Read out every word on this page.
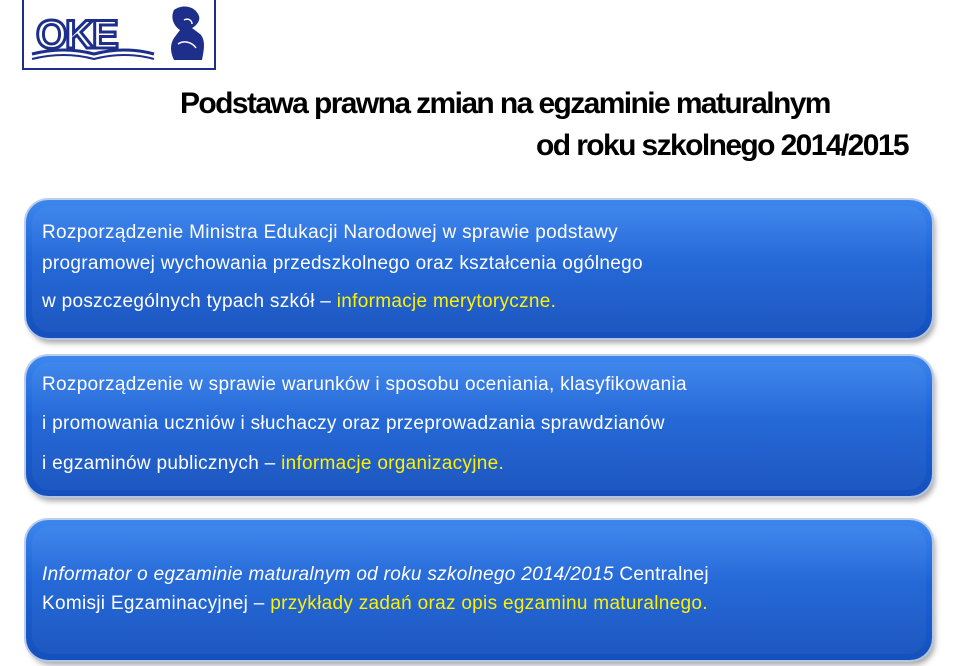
OKE
Podstawa prawna zmian na egzaminie maturalnym
od roku szkolnego 2014/2015
Rozporządzenie Ministra Edukacji Narodowej w sprawie podstawy
programowej wychowania przedszkolnego oraz kształcenia ogólnego
w poszczególnych typach szkół – informacje merytoryczne.
Rozporządzenie w sprawie warunków i sposobu oceniania, klasyfikowania
i promowania uczniów i słuchaczy oraz przeprowadzania sprawdzianów
i egzaminów publicznych – informacje organizacyjne.
Informator o egzaminie maturalnym od roku szkolnego 2014/2015 Centralnej
Komisji Egzaminacyjnej – przykłady zadań oraz opis egzaminu maturalnego.
